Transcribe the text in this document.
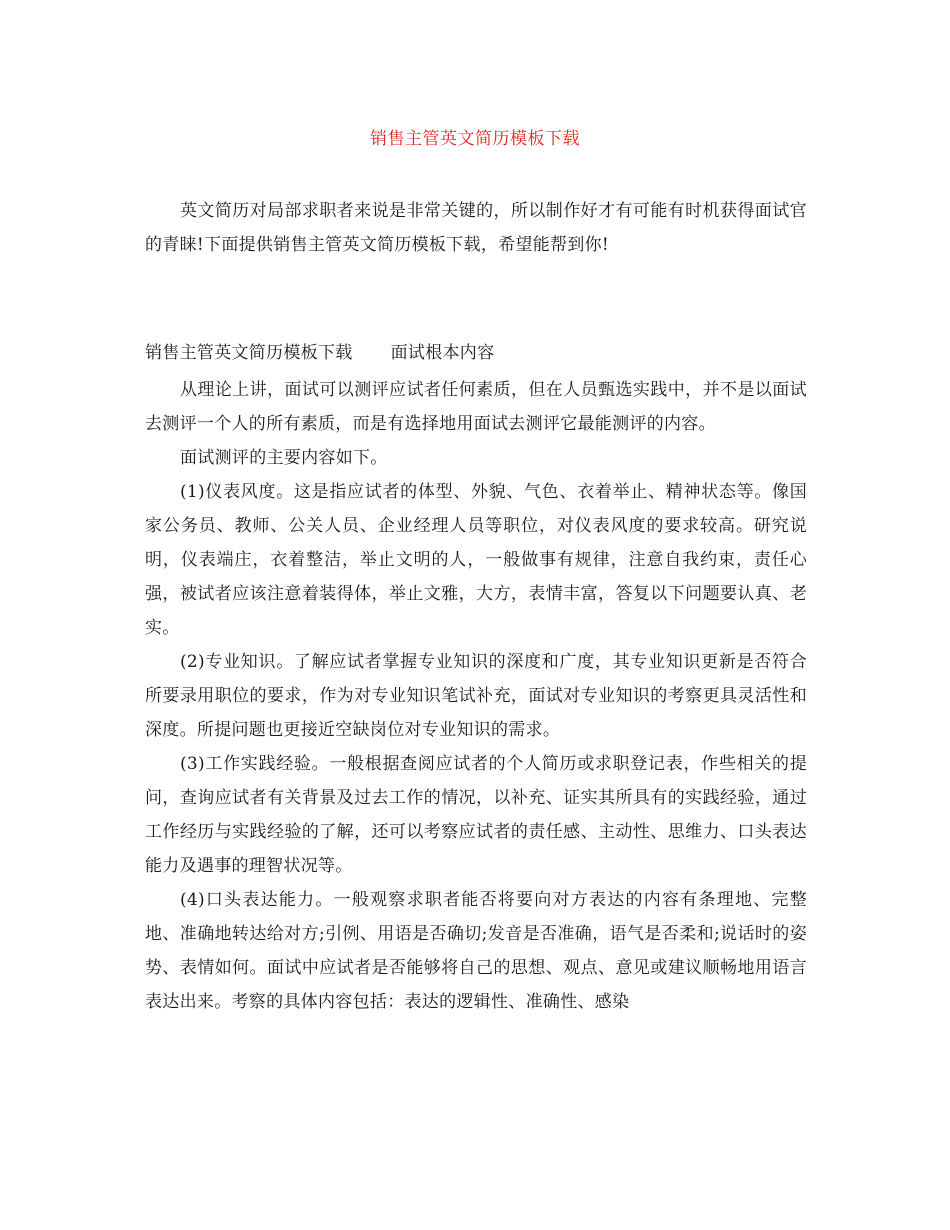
销售主管英文简历模板下载

英文简历对局部求职者来说是非常关键的，所以制作好才有可能有时机获得面试官的青睐!下面提供销售主管英文简历模板下载，希望能帮到你!

销售主管英文简历模板下载 面试根本内容

从理论上讲，面试可以测评应试者任何素质，但在人员甄选实践中，并不是以面试去测评一个人的所有素质，而是有选择地用面试去测评它最能测评的内容。

面试测评的主要内容如下。

(1)仪表风度。这是指应试者的体型、外貌、气色、衣着举止、精神状态等。像国家公务员、教师、公关人员、企业经理人员等职位，对仪表风度的要求较高。研究说明，仪表端庄，衣着整洁，举止文明的人，一般做事有规律，注意自我约束，责任心强，被试者应该注意着装得体，举止文雅，大方，表情丰富，答复以下问题要认真、老实。

(2)专业知识。了解应试者掌握专业知识的深度和广度，其专业知识更新是否符合所要录用职位的要求，作为对专业知识笔试补充，面试对专业知识的考察更具灵活性和深度。所提问题也更接近空缺岗位对专业知识的需求。

(3)工作实践经验。一般根据查阅应试者的个人简历或求职登记表，作些相关的提问，查询应试者有关背景及过去工作的情况，以补充、证实其所具有的实践经验，通过工作经历与实践经验的了解，还可以考察应试者的责任感、主动性、思维力、口头表达能力及遇事的理智状况等。

(4)口头表达能力。一般观察求职者能否将要向对方表达的内容有条理地、完整地、准确地转达给对方;引例、用语是否确切;发音是否准确，语气是否柔和;说话时的姿势、表情如何。面试中应试者是否能够将自己的思想、观点、意见或建议顺畅地用语言表达出来。考察的具体内容包括：表达的逻辑性、准确性、感染
